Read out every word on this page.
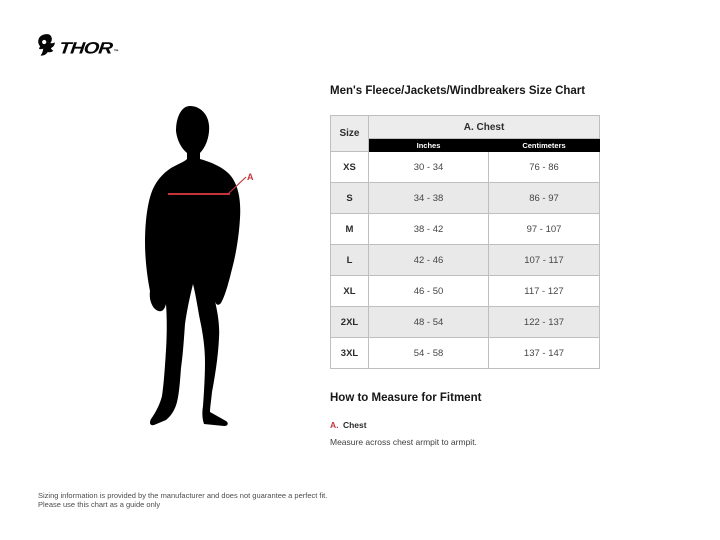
THOR ™
A
Men's Fleece/Jackets/Windbreakers Size Chart
Size	A. Chest	
	Inches	Centimeters
XS	30 - 34	76 - 86
S	34 - 38	86 - 97
M	38 - 42	97 - 107
L	42 - 46	107 - 117
XL	46 - 50	117 - 127
2XL	48 - 54	122 - 137
3XL	54 - 58	137 - 147
How to Measure for Fitment
A. Chest
Measure across chest armpit to armpit.
Sizing information is provided by the manufacturer and does not guarantee a perfect fit.
Please use this chart as a guide only
